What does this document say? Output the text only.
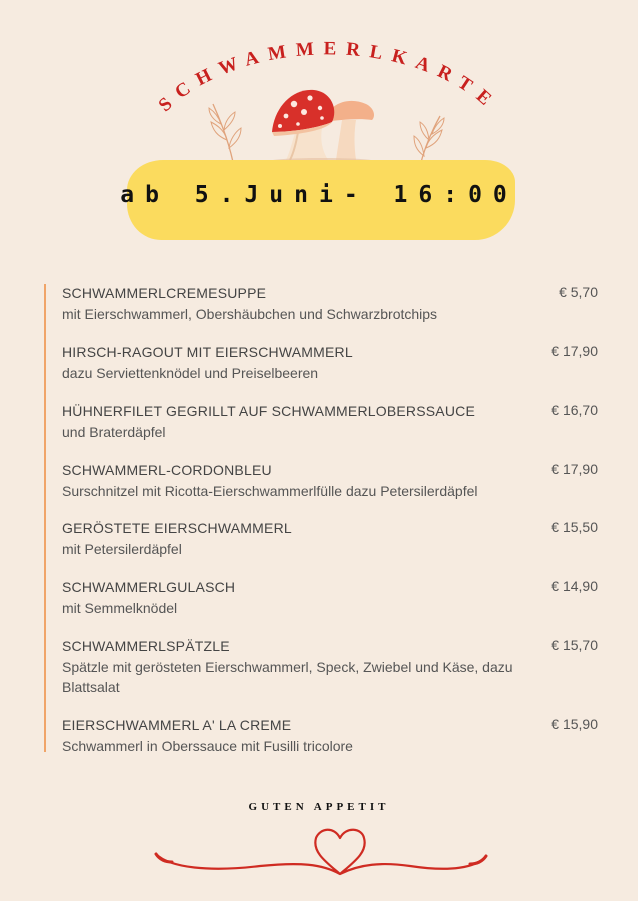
SCHWAMMERLKARTE
ab 5.Juni- 16:00
SCHWAMMERLCREMESUPPE
mit Eierschwammerl, Obershäubchen und Schwarzbrotchips
€ 5,70
HIRSCH-RAGOUT MIT EIERSCHWAMMERL
dazu Serviettenknödel und Preiselbeeren
€ 17,90
HÜHNERFILET GEGRILLT AUF SCHWAMMERLOBERSSAUCE
und Braterdäpfel
€ 16,70
SCHWAMMERL-CORDONBLEU
Surschnitzel mit Ricotta-Eierschwammerlfülle dazu Petersilerdäpfel
€ 17,90
GERÖSTETE EIERSCHWAMMERL
mit Petersilerdäpfel
€ 15,50
SCHWAMMERLGULASCH
mit Semmelknödel
€ 14,90
SCHWAMMERLSPÄTZLE
Spätzle mit gerösteten Eierschwammerl, Speck, Zwiebel und Käse, dazu Blattsalat
€ 15,70
EIERSCHWAMMERL A' LA CREME
Schwammerl in Oberssauce mit Fusilli tricolore
€ 15,90
GUTEN APPETIT
